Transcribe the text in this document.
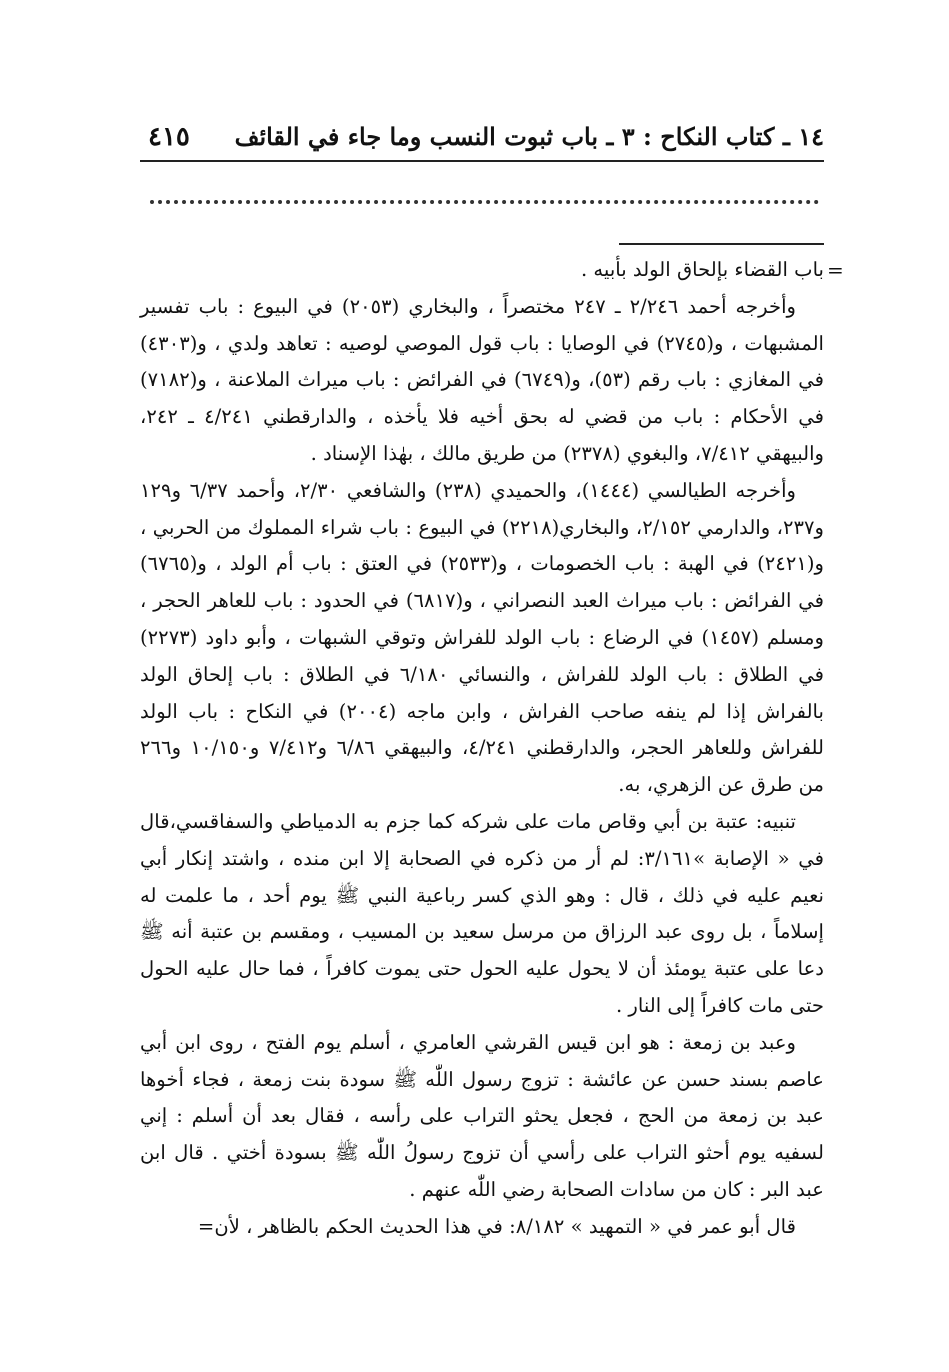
٤١٥ ١٤ ـ كتاب النكاح : ٣ ـ باب ثبوت النسب وما جاء في القائف
=

باب القضاء بإلحاق الولد بأبيه .

وأخرجه أحمد ٢/٢٤٦ ـ ٢٤٧ مختصراً ، والبخاري (٢٠٥٣) في البيوع : باب تفسير المشبهات ، و(٢٧٤٥) في الوصايا : باب قول الموصي لوصيه : تعاهد ولدي ، و(٤٣٠٣) في المغازي : باب رقم (٥٣)، و(٦٧٤٩) في الفرائض : باب ميراث الملاعنة ، و(٧١٨٢) في الأحكام : باب من قضي له بحق أخيه فلا يأخذه ، والدارقطني ٤/٢٤١ ـ ٢٤٢، والبيهقي ٧/٤١٢، والبغوي (٢٣٧٨) من طريق مالك ، بهٰذا الإسناد .

وأخرجه الطيالسي (١٤٤٤)، والحميدي (٢٣٨) والشافعي ٢/٣٠، وأحمد ٦/٣٧ و١٢٩ و٢٣٧، والدارمي ٢/١٥٢، والبخاري(٢٢١٨) في البيوع : باب شراء المملوك من الحربي ، و(٢٤٢١) في الهبة : باب الخصومات ، و(٢٥٣٣) في العتق : باب أم الولد ، و(٦٧٦٥) في الفرائض : باب ميراث العبد النصراني ، و(٦٨١٧) في الحدود : باب للعاهر الحجر ، ومسلم (١٤٥٧) في الرضاع : باب الولد للفراش وتوقي الشبهات ، وأبو داود (٢٢٧٣) في الطلاق : باب الولد للفراش ، والنسائي ٦/١٨٠ في الطلاق : باب إلحاق الولد بالفراش إذا لم ينفه صاحب الفراش ، وابن ماجه (٢٠٠٤) في النكاح : باب الولد للفراش وللعاهر الحجر، والدارقطني ٤/٢٤١، والبيهقي ٦/٨٦ و٧/٤١٢ و١٠/١٥٠ و٢٦٦ من طرق عن الزهري، به.

تنبيه: عتبة بن أبي وقاص مات على شركه كما جزم به الدمياطي والسفاقسي،قال في « الإصابة »٣/١٦١: لم أر من ذكره في الصحابة إلا ابن منده ، واشتد إنكار أبي نعيم عليه في ذلك ، قال : وهو الذي كسر رباعية النبي ﷺ يوم أحد ، ما علمت له إسلاماً ، بل روى عبد الرزاق من مرسل سعيد بن المسيب ، ومقسم بن عتبة أنه ﷺ دعا على عتبة يومئذ أن لا يحول عليه الحول حتى يموت كافراً ، فما حال عليه الحول حتى مات كافراً إلى النار .

وعبد بن زمعة : هو ابن قيس القرشي العامري ، أسلم يوم الفتح ، روى ابن أبي عاصم بسند حسن عن عائشة : تزوج رسول اللّٰه ﷺ سودة بنت زمعة ، فجاء أخوها عبد بن زمعة من الحج ، فجعل يحثو التراب على رأسه ، فقال بعد أن أسلم : إني لسفيه يوم أحثو التراب على رأسي أن تزوج رسولُ اللّٰه ﷺ بسودة أختي . قال ابن عبد البر : كان من سادات الصحابة رضي اللّٰه عنهم .

قال أبو عمر في « التمهيد » ٨/١٨٢: في هذا الحديث الحكم بالظاهر ، لأن=
